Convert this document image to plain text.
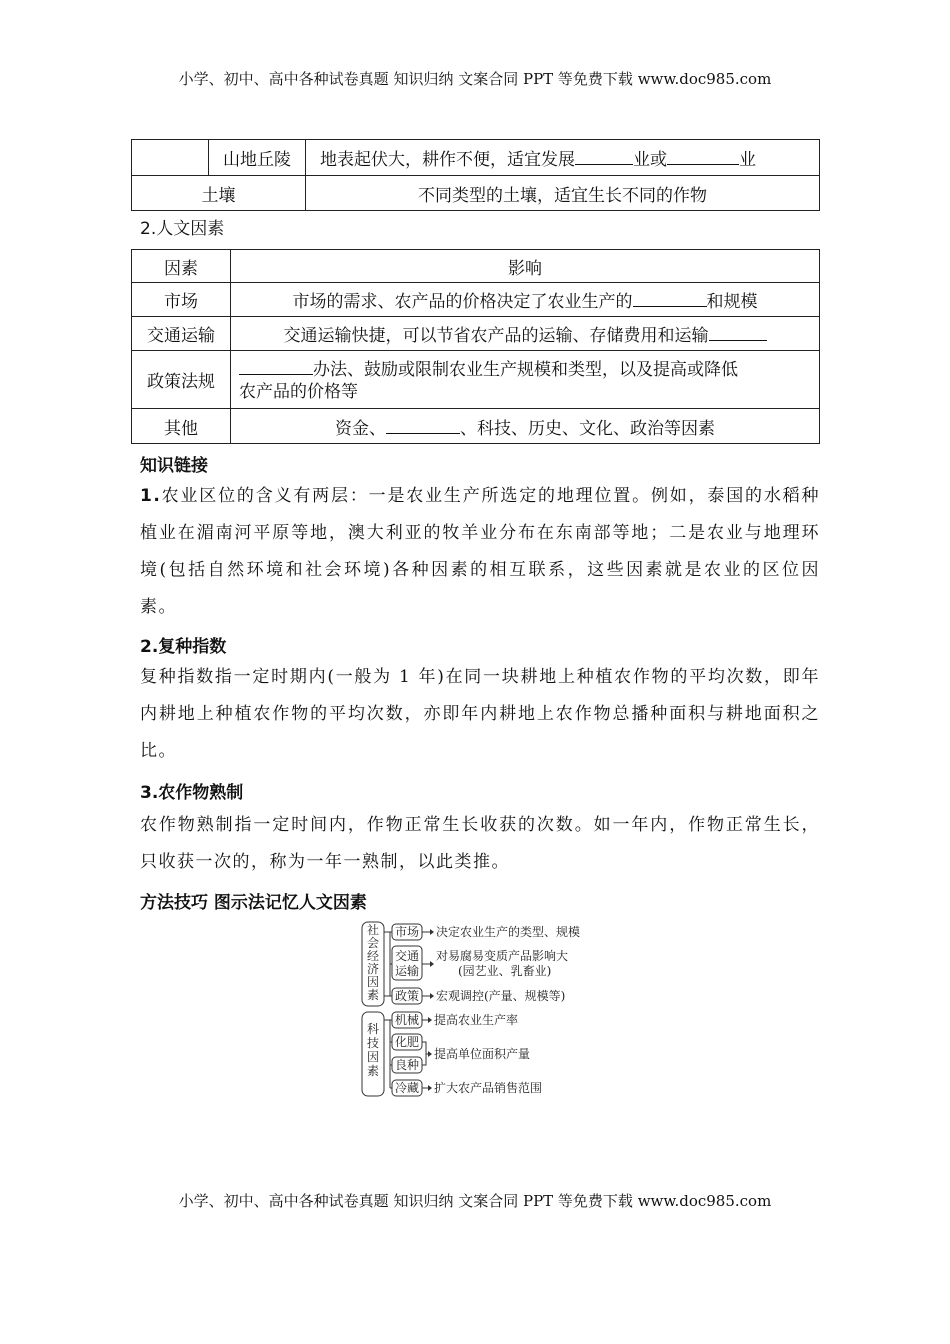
小学、初中、高中各种试卷真题 知识归纳 文案合同 PPT 等免费下载 www.doc985.com
	山地丘陵	地表起伏大，耕作不便，适宜发展 业或 业
土壤		不同类型的土壤，适宜生长不同的作物
2.人文因素
因素	影响
市场	市场的需求、农产品的价格决定了农业生产的 和规模
交通运输	交通运输快捷，可以节省农产品的运输、存储费用和运输
政策法规	办法、鼓励或限制农业生产规模和类型，以及提高或降低
农产品的价格等
其他	资金、 、科技、历史、文化、政治等因素
知识链接

1.农业区位的含义有两层：一是农业生产所选定的地理位置。例如，泰国的水稻种植业在湄南河平原等地，澳大利亚的牧羊业分布在东南部等地；二是农业与地理环境(包括自然环境和社会环境)各种因素的相互联系，这些因素就是农业的区位因素。

2.复种指数

复种指数指一定时期内(一般为 1 年)在同一块耕地上种植农作物的平均次数，即年内耕地上种植农作物的平均次数，亦即年内耕地上农作物总播种面积与耕地面积之比。

3.农作物熟制

农作物熟制指一定时间内，作物正常生长收获的次数。如一年内，作物正常生长，只收获一次的，称为一年一熟制，以此类推。

方法技巧 图示法记忆人文因素
社
会
经
济
因
素
科
技
因
素
市场 决定农业生产的类型、规模
交通
运输
对易腐易变质产品影响大
(园艺业、乳畜业)
政策 宏观调控(产量、规模等)
机械 提高农业生产率
化肥
良种
提高单位面积产量
冷藏 扩大农产品销售范围
小学、初中、高中各种试卷真题 知识归纳 文案合同 PPT 等免费下载 www.doc985.com
